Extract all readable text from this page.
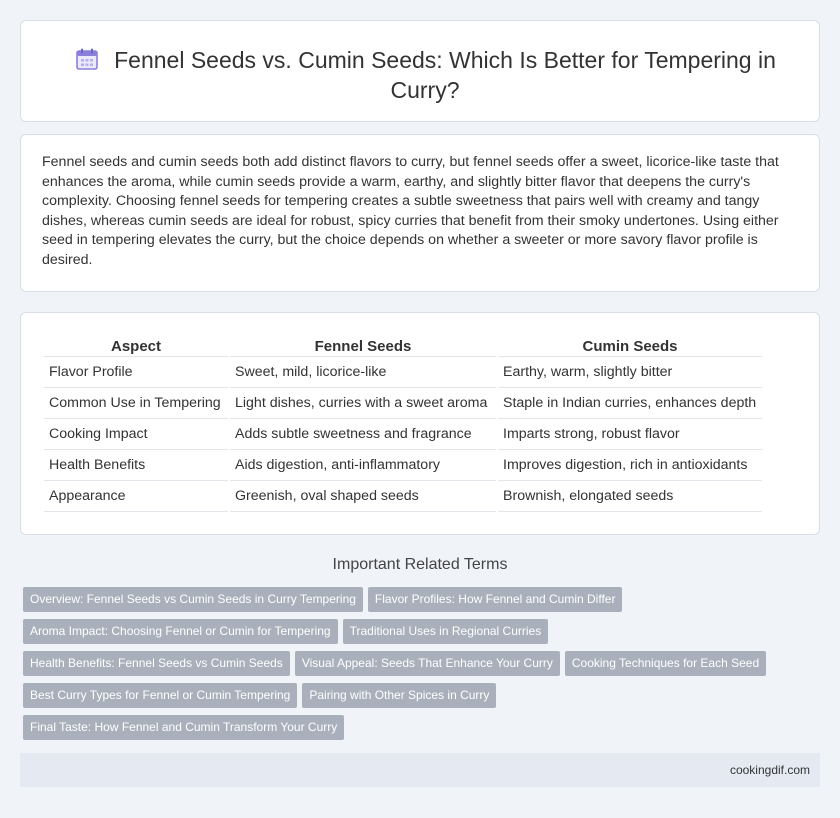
Fennel Seeds vs. Cumin Seeds: Which Is Better for Tempering in Curry?

Fennel seeds and cumin seeds both add distinct flavors to curry, but fennel seeds offer a sweet, licorice-like taste that enhances the aroma, while cumin seeds provide a warm, earthy, and slightly bitter flavor that deepens the curry's complexity. Choosing fennel seeds for tempering creates a subtle sweetness that pairs well with creamy and tangy dishes, whereas cumin seeds are ideal for robust, spicy curries that benefit from their smoky undertones. Using either seed in tempering elevates the curry, but the choice depends on whether a sweeter or more savory flavor profile is desired.

Aspect	Fennel Seeds	Cumin Seeds
Flavor Profile	Sweet, mild, licorice-like	Earthy, warm, slightly bitter
Common Use in Tempering	Light dishes, curries with a sweet aroma	Staple in Indian curries, enhances depth
Cooking Impact	Adds subtle sweetness and fragrance	Imparts strong, robust flavor
Health Benefits	Aids digestion, anti-inflammatory	Improves digestion, rich in antioxidants
Appearance	Greenish, oval shaped seeds	Brownish, elongated seeds
Important Related Terms
Overview: Fennel Seeds vs Cumin Seeds in Curry Tempering Flavor Profiles: How Fennel and Cumin Differ
Aroma Impact: Choosing Fennel or Cumin for Tempering Traditional Uses in Regional Curries
Health Benefits: Fennel Seeds vs Cumin Seeds Visual Appeal: Seeds That Enhance Your Curry Cooking Techniques for Each Seed
Best Curry Types for Fennel or Cumin Tempering Pairing with Other Spices in Curry
Final Taste: How Fennel and Cumin Transform Your Curry
cookingdif.com
